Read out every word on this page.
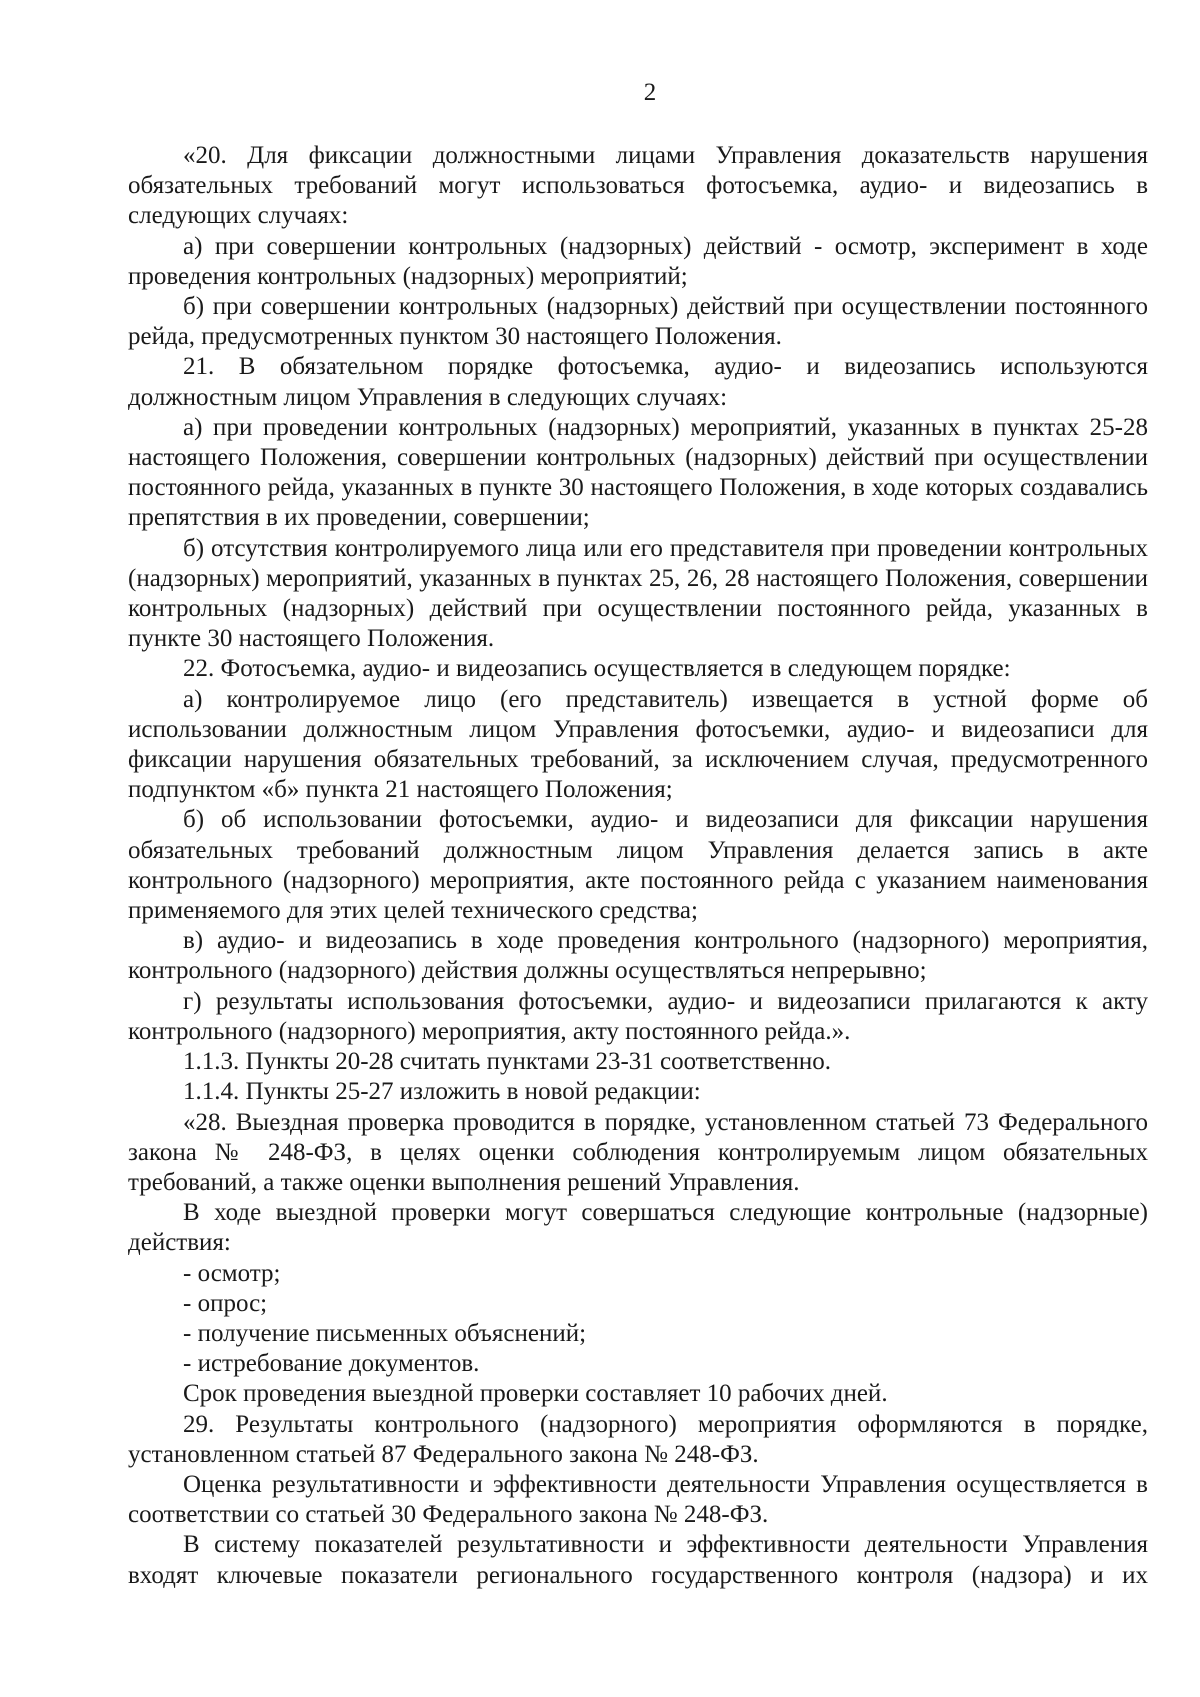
2

«20. Для фиксации должностными лицами Управления доказательств нарушения обязательных требований могут использоваться фотосъемка, аудио- и видеозапись в следующих случаях:

а) при совершении контрольных (надзорных) действий - осмотр, эксперимент в ходе проведения контрольных (надзорных) мероприятий;

б) при совершении контрольных (надзорных) действий при осуществлении постоянного рейда, предусмотренных пунктом 30 настоящего Положения.

21. В обязательном порядке фотосъемка, аудио- и видеозапись используются должностным лицом Управления в следующих случаях:

а) при проведении контрольных (надзорных) мероприятий, указанных в пунктах 25-28 настоящего Положения, совершении контрольных (надзорных) действий при осуществлении постоянного рейда, указанных в пункте 30 настоящего Положения, в ходе которых создавались препятствия в их проведении, совершении;

б) отсутствия контролируемого лица или его представителя при проведении контрольных (надзорных) мероприятий, указанных в пунктах 25, 26, 28 настоящего Положения, совершении контрольных (надзорных) действий при осуществлении постоянного рейда, указанных в пункте 30 настоящего Положения.

22. Фотосъемка, аудио- и видеозапись осуществляется в следующем порядке:

а) контролируемое лицо (его представитель) извещается в устной форме об использовании должностным лицом Управления фотосъемки, аудио- и видеозаписи для фиксации нарушения обязательных требований, за исключением случая, предусмотренного подпунктом «б» пункта 21 настоящего Положения;

б) об использовании фотосъемки, аудио- и видеозаписи для фиксации нарушения обязательных требований должностным лицом Управления делается запись в акте контрольного (надзорного) мероприятия, акте постоянного рейда с указанием наименования применяемого для этих целей технического средства;

в) аудио- и видеозапись в ходе проведения контрольного (надзорного) мероприятия, контрольного (надзорного) действия должны осуществляться непрерывно;

г) результаты использования фотосъемки, аудио- и видеозаписи прилагаются к акту контрольного (надзорного) мероприятия, акту постоянного рейда.».

1.1.3. Пункты 20-28 считать пунктами 23-31 соответственно.

1.1.4. Пункты 25-27 изложить в новой редакции:

«28. Выездная проверка проводится в порядке, установленном статьей 73 Федерального закона № 248-ФЗ, в целях оценки соблюдения контролируемым лицом обязательных требований, а также оценки выполнения решений Управления.

В ходе выездной проверки могут совершаться следующие контрольные (надзорные) действия:

- осмотр;

- опрос;

- получение письменных объяснений;

- истребование документов.

Срок проведения выездной проверки составляет 10 рабочих дней.

29. Результаты контрольного (надзорного) мероприятия оформляются в порядке, установленном статьей 87 Федерального закона № 248-ФЗ.

Оценка результативности и эффективности деятельности Управления осуществляется в соответствии со статьей 30 Федерального закона № 248-ФЗ.

В систему показателей результативности и эффективности деятельности Управления входят ключевые показатели регионального государственного контроля (надзора) и их
